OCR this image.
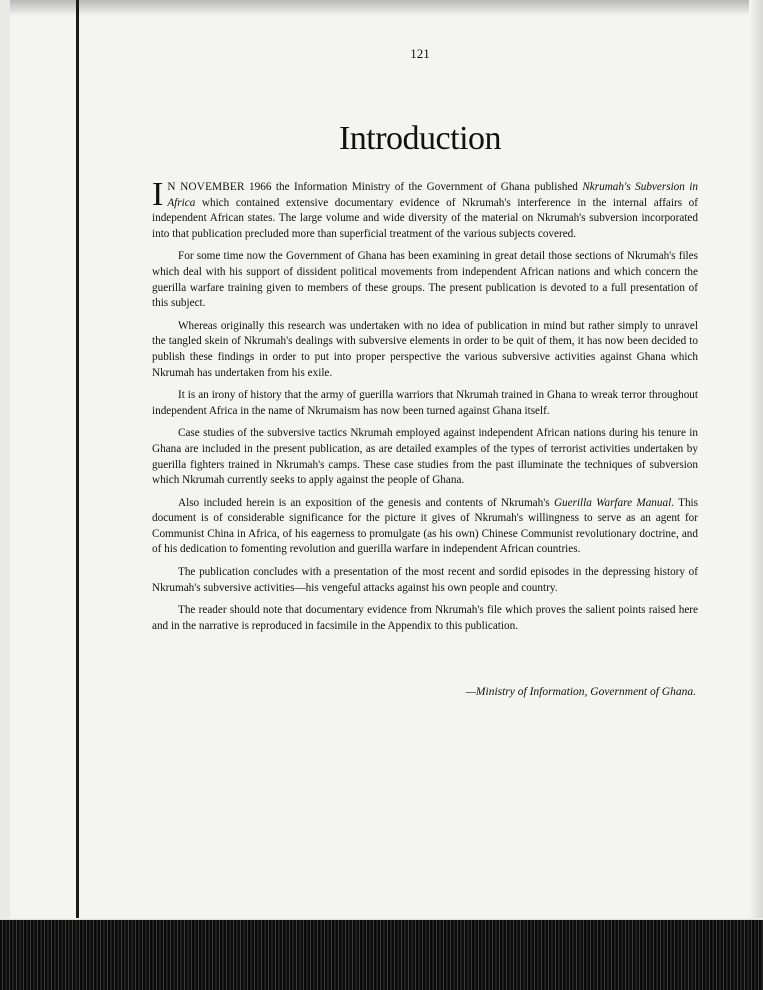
121
Introduction

I N NOVEMBER 1966 the Information Ministry of the Government of Ghana published Nkrumah's Subversion in Africa which contained extensive documentary evidence of Nkrumah's interference in the internal affairs of independent African states. The large volume and wide diversity of the material on Nkrumah's subversion incorporated into that publication precluded more than superficial treatment of the various subjects covered.

For some time now the Government of Ghana has been examining in great detail those sections of Nkrumah's files which deal with his support of dissident political movements from independent African nations and which concern the guerilla warfare training given to members of these groups. The present publication is devoted to a full presentation of this subject.

Whereas originally this research was undertaken with no idea of publication in mind but rather simply to unravel the tangled skein of Nkrumah's dealings with subversive elements in order to be quit of them, it has now been decided to publish these findings in order to put into proper perspective the various subversive activities against Ghana which Nkrumah has undertaken from his exile.

It is an irony of history that the army of guerilla warriors that Nkrumah trained in Ghana to wreak terror throughout independent Africa in the name of Nkrumaism has now been turned against Ghana itself.

Case studies of the subversive tactics Nkrumah employed against independent African nations during his tenure in Ghana are included in the present publication, as are detailed examples of the types of terrorist activities undertaken by guerilla fighters trained in Nkrumah's camps. These case studies from the past illuminate the techniques of subversion which Nkrumah currently seeks to apply against the people of Ghana.

Also included herein is an exposition of the genesis and contents of Nkrumah's Guerilla Warfare Manual. This document is of considerable significance for the picture it gives of Nkrumah's willingness to serve as an agent for Communist China in Africa, of his eagerness to promulgate (as his own) Chinese Communist revolutionary doctrine, and of his dedication to fomenting revolution and guerilla warfare in independent African countries.

The publication concludes with a presentation of the most recent and sordid episodes in the depressing history of Nkrumah's subversive activities—his vengeful attacks against his own people and country.

The reader should note that documentary evidence from Nkrumah's file which proves the salient points raised here and in the narrative is reproduced in facsimile in the Appendix to this publication.

—Ministry of Information, Government of Ghana.
